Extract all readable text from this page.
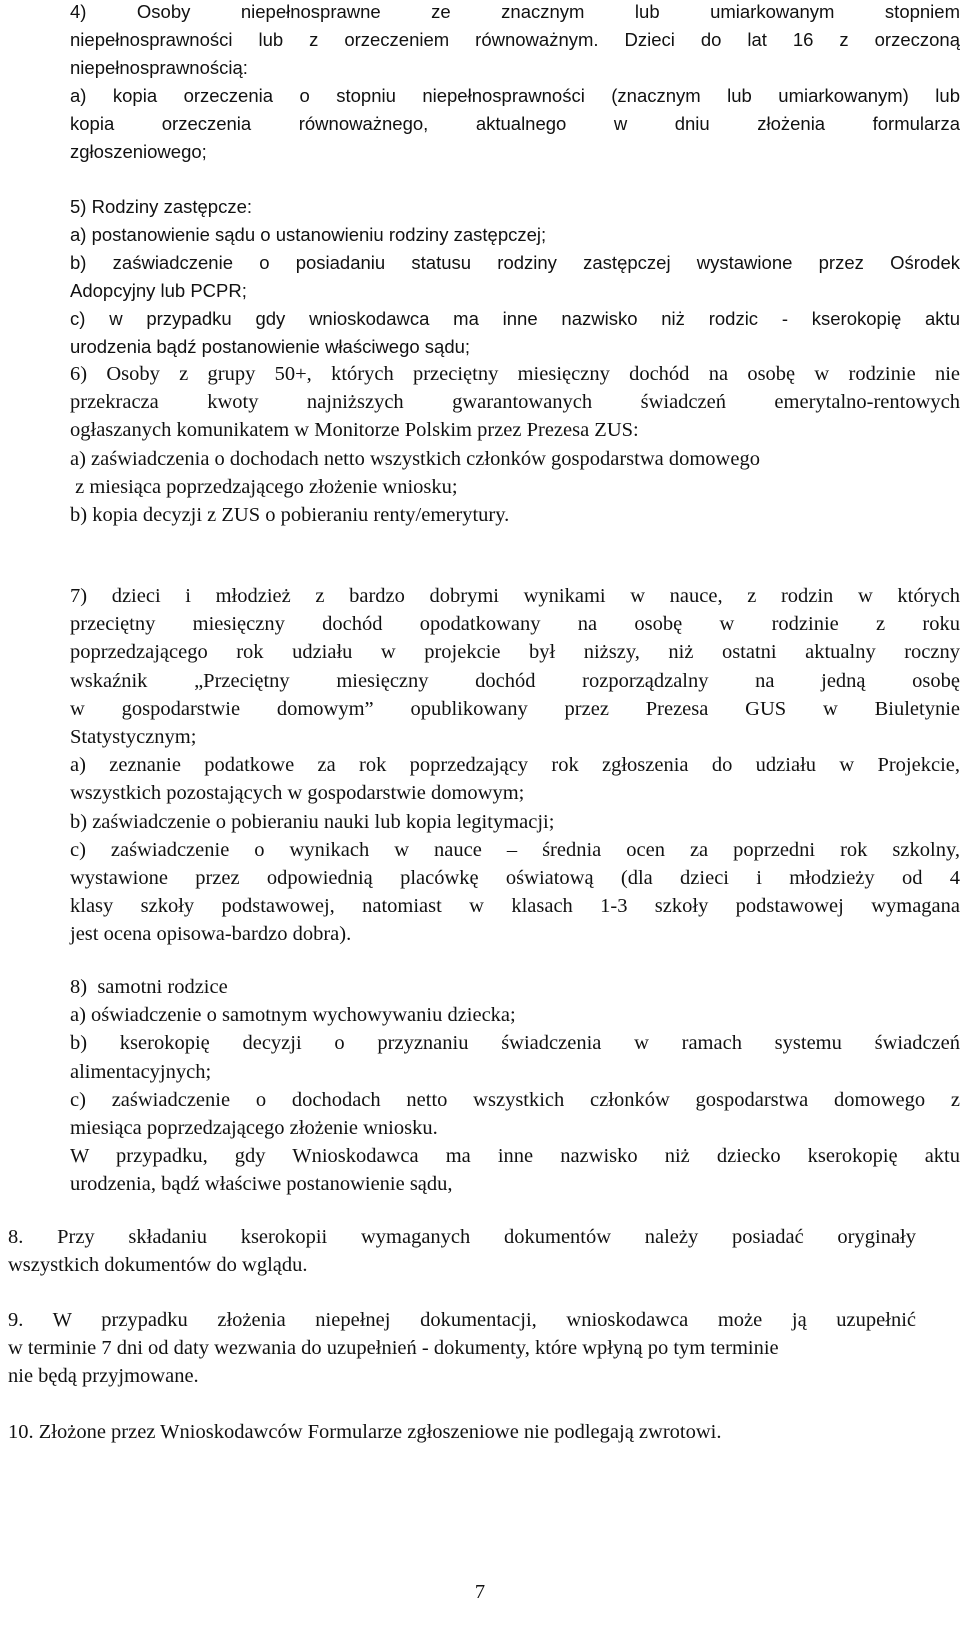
4) Osoby niepełnosprawne ze znacznym lub umiarkowanym stopniem
niepełnosprawności lub z orzeczeniem równoważnym. Dzieci do lat 16 z orzeczoną
niepełnosprawnością:
a) kopia orzeczenia o stopniu niepełnosprawności (znacznym lub umiarkowanym) lub
kopia orzeczenia równoważnego, aktualnego w dniu złożenia formularza
zgłoszeniowego;
5) Rodziny zastępcze:
a) postanowienie sądu o ustanowieniu rodziny zastępczej;
b) zaświadczenie o posiadaniu statusu rodziny zastępczej wystawione przez Ośrodek
Adopcyjny lub PCPR;
c) w przypadku gdy wnioskodawca ma inne nazwisko niż rodzic - kserokopię aktu
urodzenia bądź postanowienie właściwego sądu;
6) Osoby z grupy 50+, których przeciętny miesięczny dochód na osobę w rodzinie nie
przekracza kwoty najniższych gwarantowanych świadczeń emerytalno-rentowych
ogłaszanych komunikatem w Monitorze Polskim przez Prezesa ZUS:
a) zaświadczenia o dochodach netto wszystkich członków gospodarstwa domowego
z miesiąca poprzedzającego złożenie wniosku;
b) kopia decyzji z ZUS o pobieraniu renty/emerytury.
7) dzieci i młodzież z bardzo dobrymi wynikami w nauce, z rodzin w których
przeciętny miesięczny dochód opodatkowany na osobę w rodzinie z roku
poprzedzającego rok udziału w projekcie był niższy, niż ostatni aktualny roczny
wskaźnik „Przeciętny miesięczny dochód rozporządzalny na jedną osobę
w gospodarstwie domowym” opublikowany przez Prezesa GUS w Biuletynie
Statystycznym;
a) zeznanie podatkowe za rok poprzedzający rok zgłoszenia do udziału w Projekcie,
wszystkich pozostających w gospodarstwie domowym;
b) zaświadczenie o pobieraniu nauki lub kopia legitymacji;
c) zaświadczenie o wynikach w nauce – średnia ocen za poprzedni rok szkolny,
wystawione przez odpowiednią placówkę oświatową (dla dzieci i młodzieży od 4
klasy szkoły podstawowej, natomiast w klasach 1-3 szkoły podstawowej wymagana
jest ocena opisowa-bardzo dobra).
8)  samotni rodzice
a) oświadczenie o samotnym wychowywaniu dziecka;
b) kserokopię decyzji o przyznaniu świadczenia w ramach systemu świadczeń
alimentacyjnych;
c) zaświadczenie o dochodach netto wszystkich członków gospodarstwa domowego z
miesiąca poprzedzającego złożenie wniosku.
W przypadku, gdy Wnioskodawca ma inne nazwisko niż dziecko kserokopię aktu
urodzenia, bądź właściwe postanowienie sądu,
8. Przy składaniu kserokopii wymaganych dokumentów należy posiadać oryginały
wszystkich dokumentów do wglądu.
9. W przypadku złożenia niepełnej dokumentacji, wnioskodawca może ją uzupełnić
w terminie 7 dni od daty wezwania do uzupełnień - dokumenty, które wpłyną po tym terminie
nie będą przyjmowane.
10. Złożone przez Wnioskodawców Formularze zgłoszeniowe nie podlegają zwrotowi.
7
